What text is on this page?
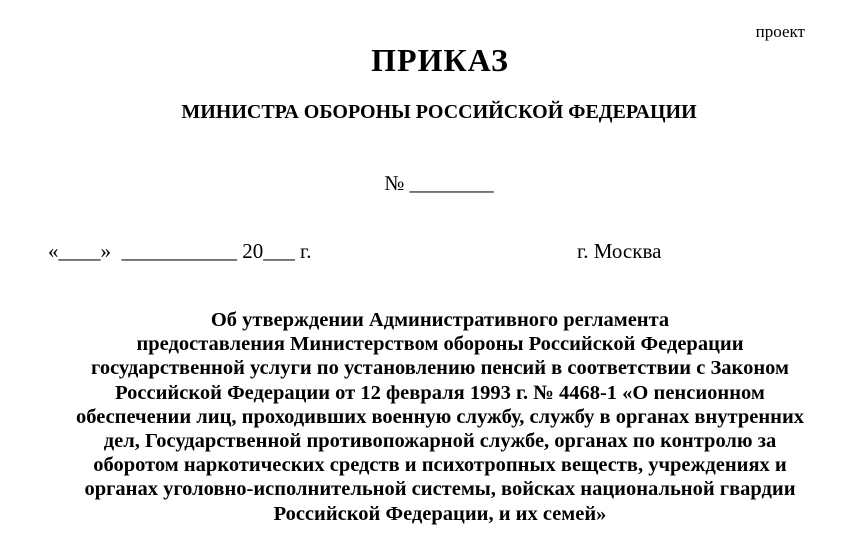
проект
ПРИКАЗ
МИНИСТРА ОБОРОНЫ РОССИЙСКОЙ ФЕДЕРАЦИИ
№ ________
«____»  ___________ 20___ г.	г. Москва
Об утверждении Административного регламента
предоставления Министерством обороны Российской Федерации
государственной услуги по установлению пенсий в соответствии с Законом
Российской Федерации от 12 февраля 1993 г. № 4468-1 «О пенсионном
обеспечении лиц, проходивших военную службу, службу в органах внутренних
дел, Государственной противопожарной службе, органах по контролю за
оборотом наркотических средств и психотропных веществ, учреждениях и
органах уголовно-исполнительной системы, войсках национальной гвардии
Российской Федерации, и их семей»
